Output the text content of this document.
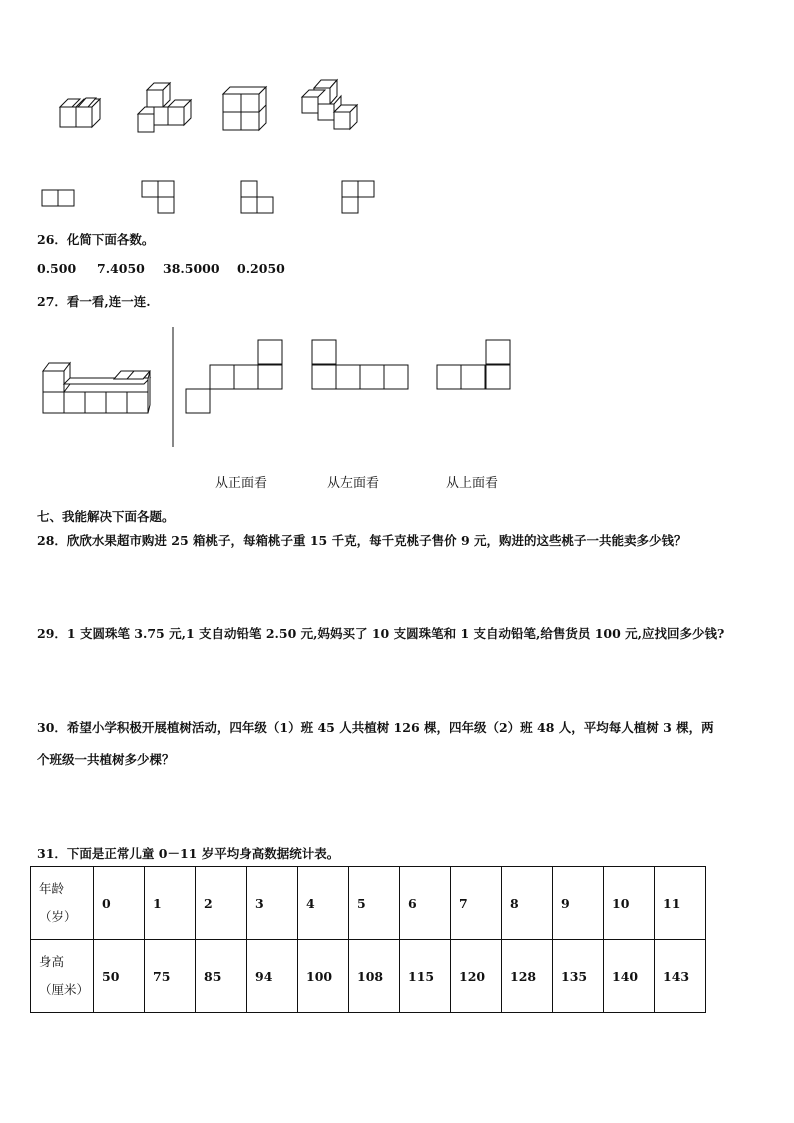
26．化简下面各数。
0.500 7.4050 38.5000 0.2050
27．看一看,连一连.
从正面看	从左面看	从上面看
七、我能解决下面各题。
28．欣欣水果超市购进 25 箱桃子，每箱桃子重 15 千克，每千克桃子售价 9 元，购进的这些桃子一共能卖多少钱？
29．1 支圆珠笔 3.75 元,1 支自动铅笔 2.50 元,妈妈买了 10 支圆珠笔和 1 支自动铅笔,给售货员 100 元,应找回多少钱?
30．希望小学积极开展植树活动，四年级（1）班 45 人共植树 126 棵，四年级（2）班 48 人，平均每人植树 3 棵，两
个班级一共植树多少棵？
31．下面是正常儿童 0－11 岁平均身高数据统计表。
年龄
（岁）	0	1	2	3	4	5	6	7	8	9	10	11

身高
（厘米）	50	75	85	94	100	108	115	120	128	135	140	143
